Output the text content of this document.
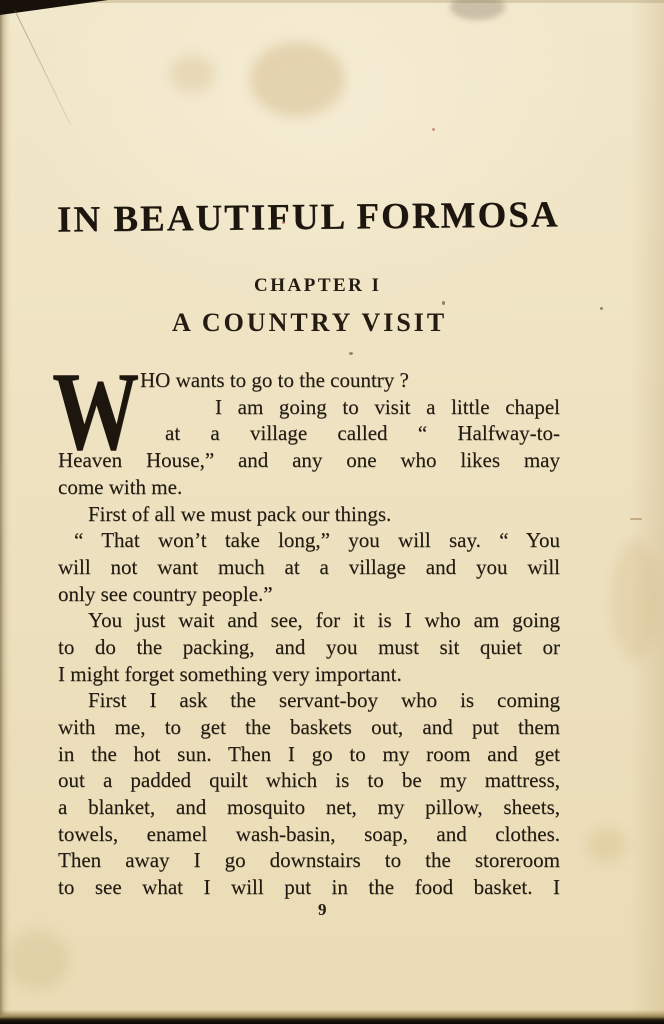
IN BEAUTIFUL FORMOSA
CHAPTER I
A COUNTRY VISIT
W HO wants to go to the country ?
I am going to visit a little chapel
at a village called “ Halfway-to-
Heaven House,” and any one who likes may
come with me.
First of all we must pack our things.
“ That won’t take long,” you will say. “ You
will not want much at a village and you will
only see country people.”
You just wait and see, for it is I who am going
to do the packing, and you must sit quiet or
I might forget something very important.
First I ask the servant-boy who is coming
with me, to get the baskets out, and put them
in the hot sun. Then I go to my room and get
out a padded quilt which is to be my mattress,
a blanket, and mosquito net, my pillow, sheets,
towels, enamel wash-basin, soap, and clothes.
Then away I go downstairs to the storeroom
to see what I will put in the food basket. I
9
